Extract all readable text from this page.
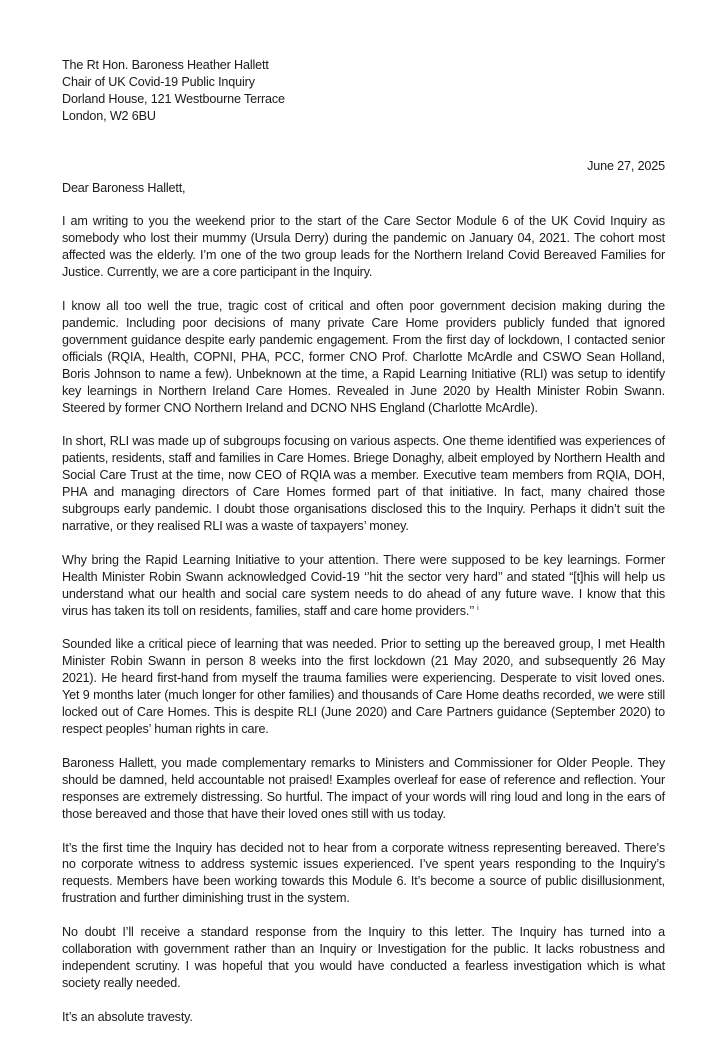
The Rt Hon. Baroness Heather Hallett
Chair of UK Covid-19 Public Inquiry
Dorland House, 121 Westbourne Terrace
London, W2 6BU
June 27, 2025
Dear Baroness Hallett,

I am writing to you the weekend prior to the start of the Care Sector Module 6 of the UK Covid Inquiry as somebody who lost their mummy (Ursula Derry) during the pandemic on January 04, 2021. The cohort most affected was the elderly. I’m one of the two group leads for the Northern Ireland Covid Bereaved Families for Justice. Currently, we are a core participant in the Inquiry.

I know all too well the true, tragic cost of critical and often poor government decision making during the pandemic. Including poor decisions of many private Care Home providers publicly funded that ignored government guidance despite early pandemic engagement. From the first day of lockdown, I contacted senior officials (RQIA, Health, COPNI, PHA, PCC, former CNO Prof. Charlotte McArdle and CSWO Sean Holland, Boris Johnson to name a few). Unbeknown at the time, a Rapid Learning Initiative (RLI) was setup to identify key learnings in Northern Ireland Care Homes. Revealed in June 2020 by Health Minister Robin Swann. Steered by former CNO Northern Ireland and DCNO NHS England (Charlotte McArdle).

In short, RLI was made up of subgroups focusing on various aspects. One theme identified was experiences of patients, residents, staff and families in Care Homes. Briege Donaghy, albeit employed by Northern Health and Social Care Trust at the time, now CEO of RQIA was a member. Executive team members from RQIA, DOH, PHA and managing directors of Care Homes formed part of that initiative. In fact, many chaired those subgroups early pandemic. I doubt those organisations disclosed this to the Inquiry. Perhaps it didn’t suit the narrative, or they realised RLI was a waste of taxpayers’ money.

Why bring the Rapid Learning Initiative to your attention. There were supposed to be key learnings. Former Health Minister Robin Swann acknowledged Covid-19 ‘’hit the sector very hard’’ and stated “[t]his will help us understand what our health and social care system needs to do ahead of any future wave. I know that this virus has taken its toll on residents, families, staff and care home providers.’’ $^i$

Sounded like a critical piece of learning that was needed. Prior to setting up the bereaved group, I met Health Minister Robin Swann in person 8 weeks into the first lockdown (21 May 2020, and subsequently 26 May 2021). He heard first-hand from myself the trauma families were experiencing. Desperate to visit loved ones. Yet 9 months later (much longer for other families) and thousands of Care Home deaths recorded, we were still locked out of Care Homes. This is despite RLI (June 2020) and Care Partners guidance (September 2020) to respect peoples’ human rights in care.

Baroness Hallett, you made complementary remarks to Ministers and Commissioner for Older People. They should be damned, held accountable not praised! Examples overleaf for ease of reference and reflection. Your responses are extremely distressing. So hurtful. The impact of your words will ring loud and long in the ears of those bereaved and those that have their loved ones still with us today.

It’s the first time the Inquiry has decided not to hear from a corporate witness representing bereaved. There’s no corporate witness to address systemic issues experienced. I’ve spent years responding to the Inquiry’s requests. Members have been working towards this Module 6. It’s become a source of public disillusionment, frustration and further diminishing trust in the system.

No doubt I’ll receive a standard response from the Inquiry to this letter. The Inquiry has turned into a collaboration with government rather than an Inquiry or Investigation for the public. It lacks robustness and independent scrutiny. I was hopeful that you would have conducted a fearless investigation which is what society really needed.

It’s an absolute travesty.
